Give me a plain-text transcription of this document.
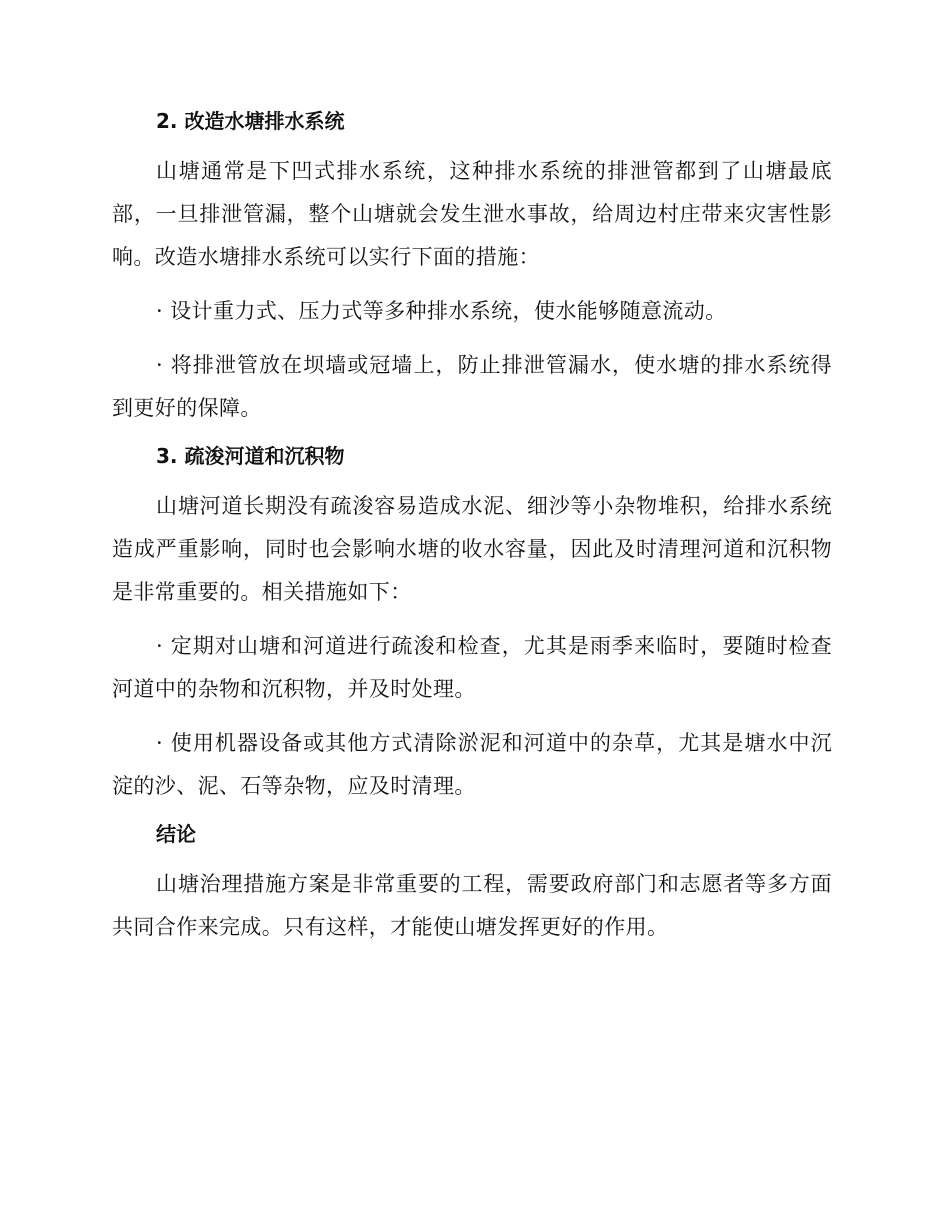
2. 改造水塘排水系统

山塘通常是下凹式排水系统，这种排水系统的排泄管都到了山塘最底部，一旦排泄管漏，整个山塘就会发生泄水事故，给周边村庄带来灾害性影响。改造水塘排水系统可以实行下面的措施：

· 设计重力式、压力式等多种排水系统，使水能够随意流动。

· 将排泄管放在坝墙或冠墙上，防止排泄管漏水，使水塘的排水系统得到更好的保障。

3. 疏浚河道和沉积物

山塘河道长期没有疏浚容易造成水泥、细沙等小杂物堆积，给排水系统造成严重影响，同时也会影响水塘的收水容量，因此及时清理河道和沉积物是非常重要的。相关措施如下：

· 定期对山塘和河道进行疏浚和检查，尤其是雨季来临时，要随时检查河道中的杂物和沉积物，并及时处理。

· 使用机器设备或其他方式清除淤泥和河道中的杂草，尤其是塘水中沉淀的沙、泥、石等杂物，应及时清理。

结论

山塘治理措施方案是非常重要的工程，需要政府部门和志愿者等多方面共同合作来完成。只有这样，才能使山塘发挥更好的作用。
